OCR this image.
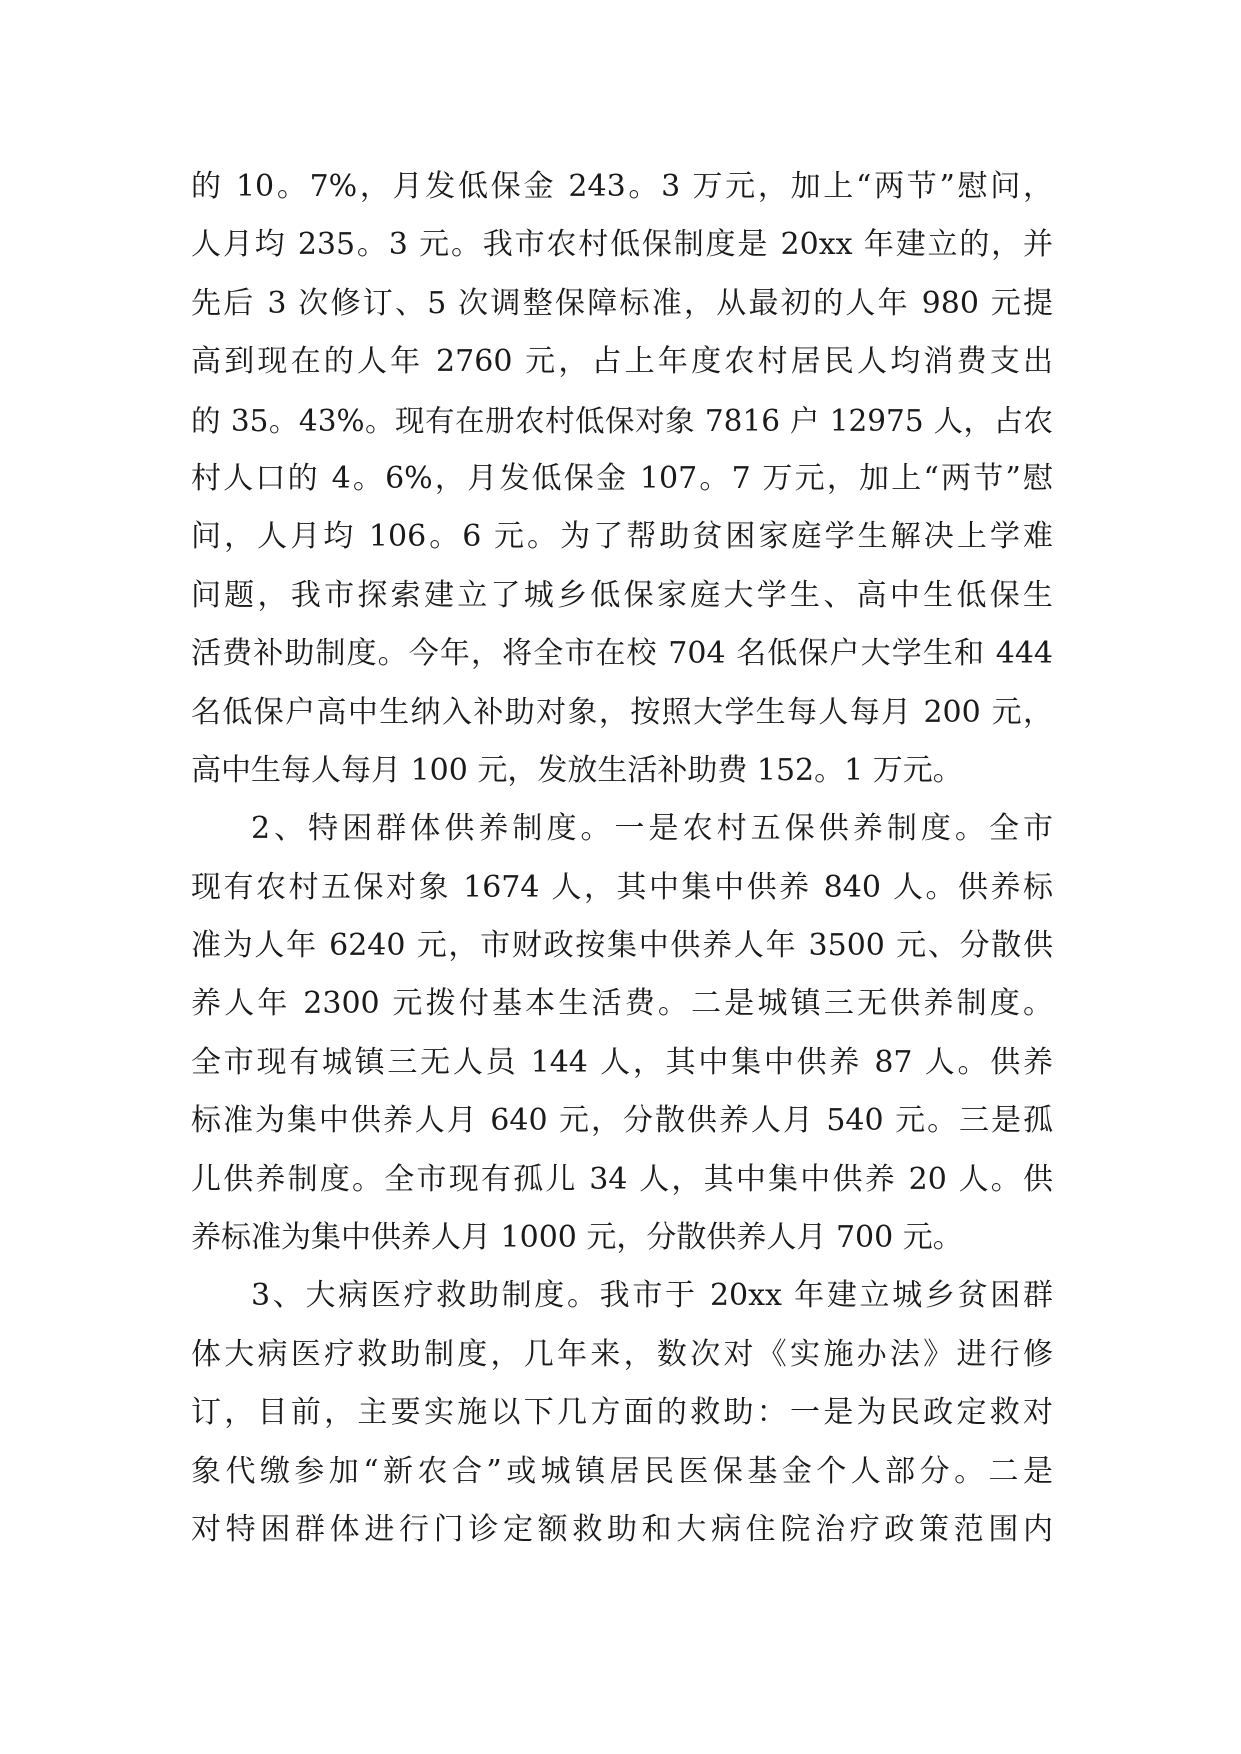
的 10。7%，月发低保金 243。3 万元，加上“两节”慰问，
人月均 235。3 元。我市农村低保制度是 20xx 年建立的，并
先后 3 次修订、5 次调整保障标准，从最初的人年 980 元提
高到现在的人年 2760 元，占上年度农村居民人均消费支出
的 35。43%。现有在册农村低保对象 7816 户 12975 人，占农
村人口的 4。6%，月发低保金 107。7 万元，加上“两节”慰
问，人月均 106。6 元。为了帮助贫困家庭学生解决上学难
问题，我市探索建立了城乡低保家庭大学生、高中生低保生
活费补助制度。今年，将全市在校 704 名低保户大学生和 444
名低保户高中生纳入补助对象，按照大学生每人每月 200 元，
高中生每人每月 100 元，发放生活补助费 152。1 万元。
2、特困群体供养制度。一是农村五保供养制度。全市
现有农村五保对象 1674 人，其中集中供养 840 人。供养标
准为人年 6240 元，市财政按集中供养人年 3500 元、分散供
养人年 2300 元拨付基本生活费。二是城镇三无供养制度。
全市现有城镇三无人员 144 人，其中集中供养 87 人。供养
标准为集中供养人月 640 元，分散供养人月 540 元。三是孤
儿供养制度。全市现有孤儿 34 人，其中集中供养 20 人。供
养标准为集中供养人月 1000 元，分散供养人月 700 元。
3、大病医疗救助制度。我市于 20xx 年建立城乡贫困群
体大病医疗救助制度，几年来，数次对《实施办法》进行修
订，目前，主要实施以下几方面的救助：一是为民政定救对
象代缴参加“新农合”或城镇居民医保基金个人部分。二是
对特困群体进行门诊定额救助和大病住院治疗政策范围内
